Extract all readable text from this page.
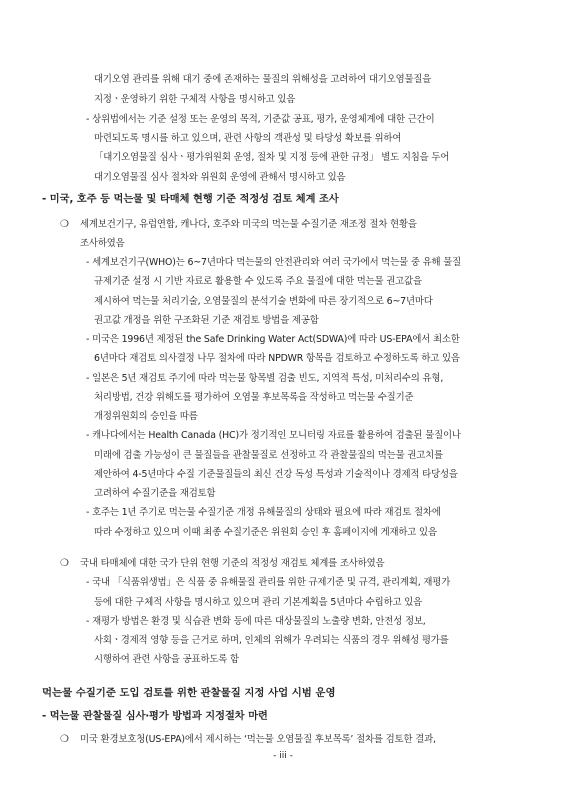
대기오염 관리를 위해 대기 중에 존재하는 물질의 위해성을 고려하여 대기오염물질을
지정ㆍ운영하기 위한 구체적 사항을 명시하고 있음
- 상위법에서는 기준 설정 또는 운영의 목적, 기준값 공표, 평가, 운영체계에 대한 근간이
마련되도록 명시를 하고 있으며, 관련 사항의 객관성 및 타당성 확보를 위하여
「대기오염물질 심사ㆍ평가위원회 운영, 절차 및 지정 등에 관한 규정」 별도 지침을 두어
대기오염물질 심사 절차와 위원회 운영에 관해서 명시하고 있음
- 미국, 호주 등 먹는물 및 타매체 현행 기준 적정성 검토 체계 조사
❍ 세계보건기구, 유럽연합, 캐나다, 호주와 미국의 먹는물 수질기준 재조정 절차 현황을
조사하였음
- 세계보건기구(WHO)는 6~7년마다 먹는물의 안전관리와 여러 국가에서 먹는물 중 유해 물질
규제기준 설정 시 기반 자료로 활용할 수 있도록 주요 물질에 대한 먹는물 권고값을
제시하여 먹는물 처리기술, 오염물질의 분석기술 변화에 따른 장기적으로 6~7년마다
권고값 개정을 위한 구조화된 기준 재검토 방법을 제공함
- 미국은 1996년 제정된 the Safe Drinking Water Act(SDWA)에 따라 US-EPA에서 최소한
6년마다 재검토 의사결정 나무 절차에 따라 NPDWR 항목을 검토하고 수정하도록 하고 있음
- 일본은 5년 재검토 주기에 따라 먹는물 항목별 검출 빈도, 지역적 특성, 미처리수의 유형,
처리방법, 건강 위해도를 평가하여 오염물 후보목록을 작성하고 먹는물 수질기준
개정위원회의 승인을 따름
- 캐나다에서는 Health Canada (HC)가 정기적인 모니터링 자료를 활용하여 검출된 물질이나
미래에 검출 가능성이 큰 물질들을 관찰물질로 선정하고 각 관찰물질의 먹는물 권고치를
제안하여 4-5년마다 수질 기준물질들의 최신 건강 독성 특성과 기술적이나 경제적 타당성을
고려하여 수질기준을 재검토함
- 호주는 1년 주기로 먹는물 수질기준 개정 유해물질의 상태와 필요에 따라 재검토 절차에
따라 수정하고 있으며 이때 최종 수질기준은 위원회 승인 후 홈페이지에 게재하고 있음
❍ 국내 타매체에 대한 국가 단위 현행 기준의 적정성 재검토 체계를 조사하였음
- 국내 「식품위생법」은 식품 중 유해물질 관리를 위한 규제기준 및 규격, 관리계획, 재평가
등에 대한 구체적 사항을 명시하고 있으며 관리 기본계획을 5년마다 수립하고 있음
- 재평가 방법은 환경 및 식습관 변화 등에 따른 대상물질의 노출량 변화, 안전성 정보,
사회ㆍ경제적 영향 등을 근거로 하며, 인체의 위해가 우려되는 식품의 경우 위해성 평가를
시행하여 관련 사항을 공표하도록 함
먹는물 수질기준 도입 검토를 위한 관찰물질 지정 사업 시범 운영
- 먹는물 관찰물질 심사‧평가 방법과 지정절차 마련
❍ 미국 환경보호청(US-EPA)에서 제시하는 ‘먹는물 오염물질 후보목록’ 절차를 검토한 결과,
- iii -
